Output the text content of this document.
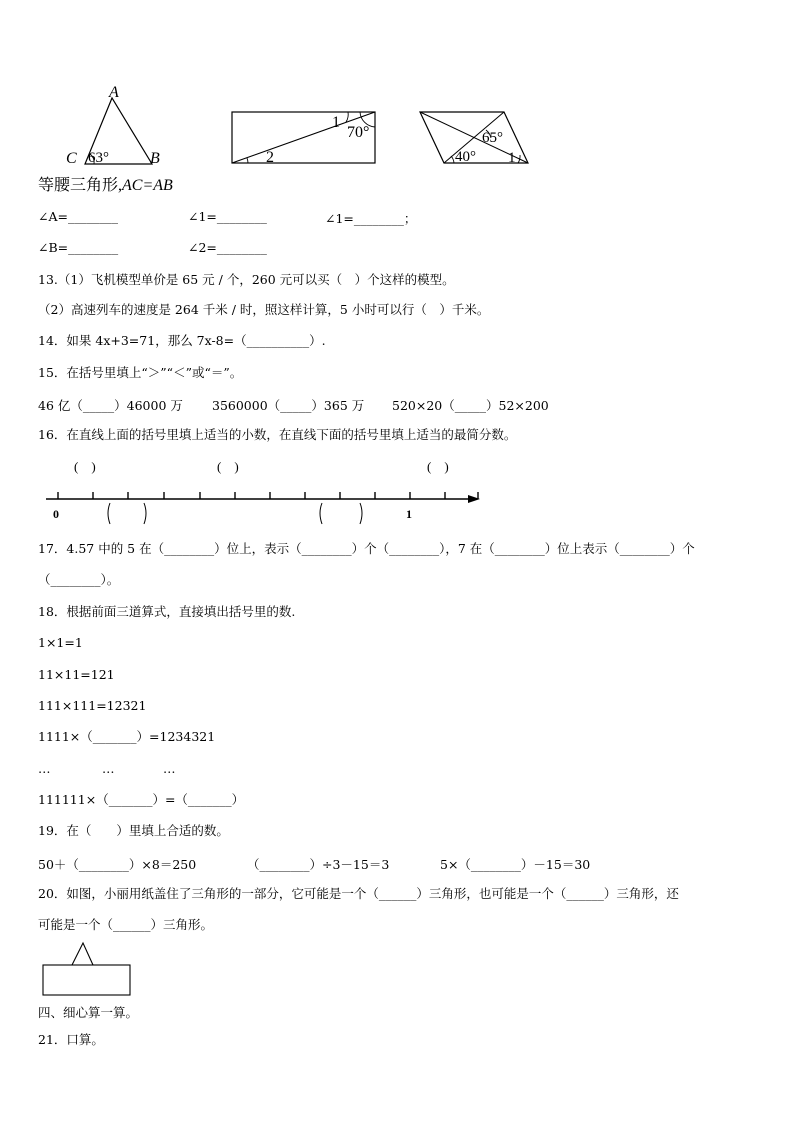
A
C	B
63°
1
70°
2
65°
40° 1
等腰三角形,AC=AB
∠A=________	∠1=________	∠1=________；
∠B=________	∠2=________
13.（1）飞机模型单价是 65 元 / 个，260 元可以买（　）个这样的模型。
（2）高速列车的速度是 264 千米 / 时，照这样计算，5 小时可以行（　）千米。
14．如果 4x+3=71，那么 7x-8=（__________）.
15．在括号里填上“＞”“＜”或“＝”。
46 亿（_____）46000 万 3560000（_____）365 万 520×20（_____）52×200
16．在直线上面的括号里填上适当的小数，在直线下面的括号里填上适当的最简分数。
(　)	(　)	(　)
0	1
17．4.57 中的 5 在（________）位上，表示（________）个（________），7 在（________）位上表示（________）个
（________）。
18．根据前面三道算式，直接填出括号里的数.
1×1=1
11×11=121
111×111=12321
1111×（_______）=1234321
…	…	…
111111×（_______）=（_______）
19．在（　　）里填上合适的数。
50＋（________）×8＝250	（________）÷3－15＝3	5×（________）－15＝30
20．如图，小丽用纸盖住了三角形的一部分，它可能是一个（______）三角形，也可能是一个（______）三角形，还
可能是一个（______）三角形。
四、细心算一算。
21．口算。
